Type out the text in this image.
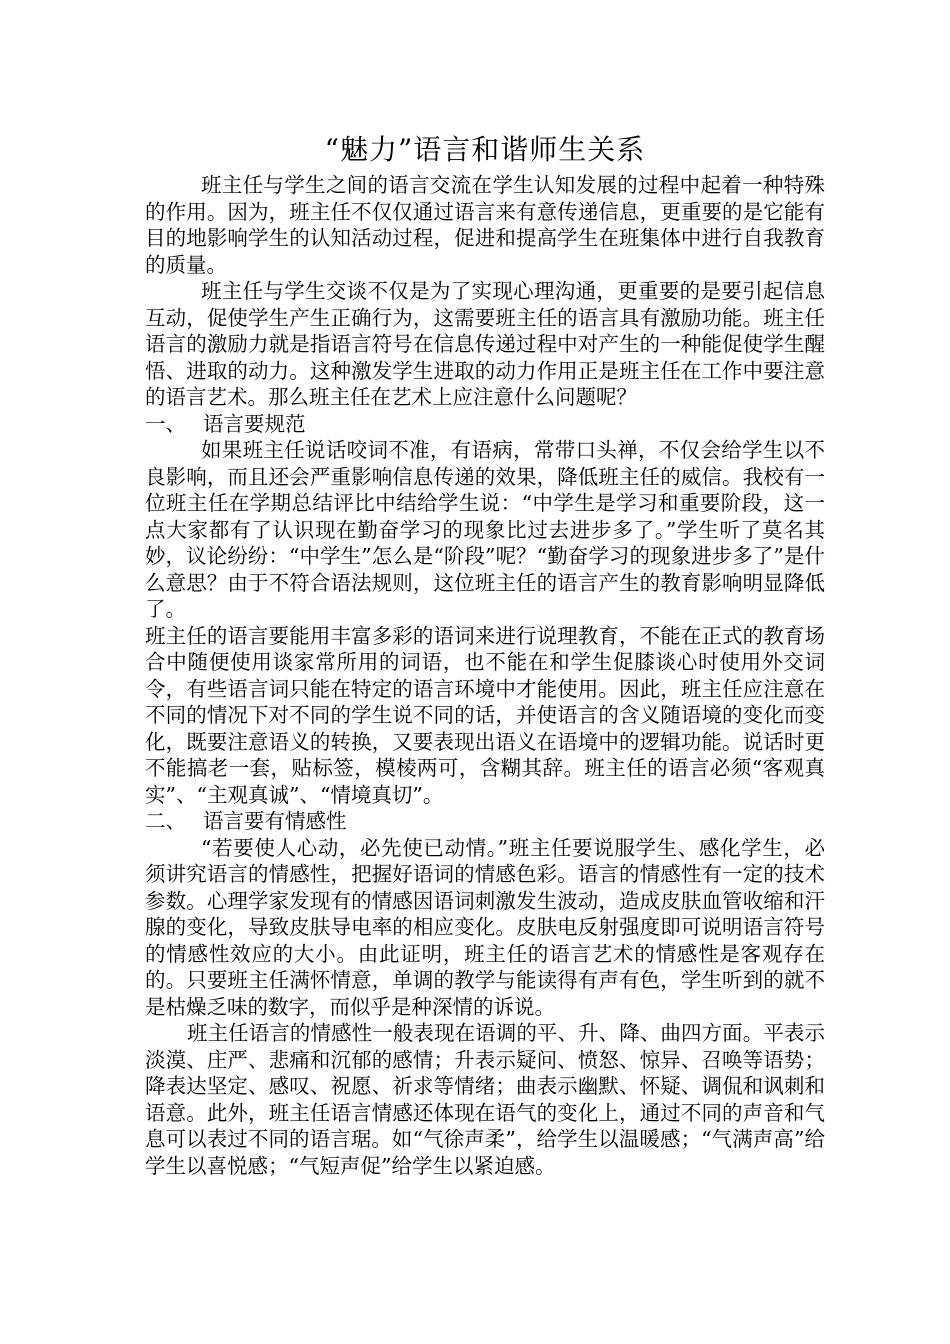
“魅力”语言和谐师生关系

班主任与学生之间的语言交流在学生认知发展的过程中起着一种特殊的作用。因为，班主任不仅仅通过语言来有意传递信息，更重要的是它能有目的地影响学生的认知活动过程，促进和提高学生在班集体中进行自我教育的质量。

班主任与学生交谈不仅是为了实现心理沟通，更重要的是要引起信息互动，促使学生产生正确行为，这需要班主任的语言具有激励功能。班主任语言的激励力就是指语言符号在信息传递过程中对产生的一种能促使学生醒悟、进取的动力。这种激发学生进取的动力作用正是班主任在工作中要注意的语言艺术。那么班主任在艺术上应注意什么问题呢？

一、 语言要规范

如果班主任说话咬词不准，有语病，常带口头禅，不仅会给学生以不良影响，而且还会严重影响信息传递的效果，降低班主任的威信。我校有一位班主任在学期总结评比中结给学生说：“中学生是学习和重要阶段，这一点大家都有了认识现在勤奋学习的现象比过去进步多了。”学生听了莫名其妙，议论纷纷：“中学生”怎么是“阶段”呢？“勤奋学习的现象进步多了”是什么意思？由于不符合语法规则，这位班主任的语言产生的教育影响明显降低了。

班主任的语言要能用丰富多彩的语词来进行说理教育，不能在正式的教育场合中随便使用谈家常所用的词语，也不能在和学生促膝谈心时使用外交词令，有些语言词只能在特定的语言环境中才能使用。因此，班主任应注意在不同的情况下对不同的学生说不同的话，并使语言的含义随语境的变化而变化，既要注意语义的转换，又要表现出语义在语境中的逻辑功能。说话时更不能搞老一套，贴标签，模棱两可，含糊其辞。班主任的语言必须“客观真实”、“主观真诚”、“情境真切”。

二、 语言要有情感性

“若要使人心动，必先使已动情。”班主任要说服学生、感化学生，必须讲究语言的情感性，把握好语词的情感色彩。语言的情感性有一定的技术参数。心理学家发现有的情感因语词刺激发生波动，造成皮肤血管收缩和汗腺的变化，导致皮肤导电率的相应变化。皮肤电反射强度即可说明语言符号的情感性效应的大小。由此证明，班主任的语言艺术的情感性是客观存在的。只要班主任满怀情意，单调的教学与能读得有声有色，学生听到的就不是枯燥乏味的数字，而似乎是种深情的诉说。

班主任语言的情感性一般表现在语调的平、升、降、曲四方面。平表示淡漠、庄严、悲痛和沉郁的感情；升表示疑问、愤怒、惊异、召唤等语势；降表达坚定、感叹、祝愿、祈求等情绪；曲表示幽默、怀疑、调侃和讽刺和语意。此外，班主任语言情感还体现在语气的变化上，通过不同的声音和气息可以表过不同的语言琚。如“气徐声柔”，给学生以温暖感；“气满声高”给学生以喜悦感；“气短声促”给学生以紧迫感。
